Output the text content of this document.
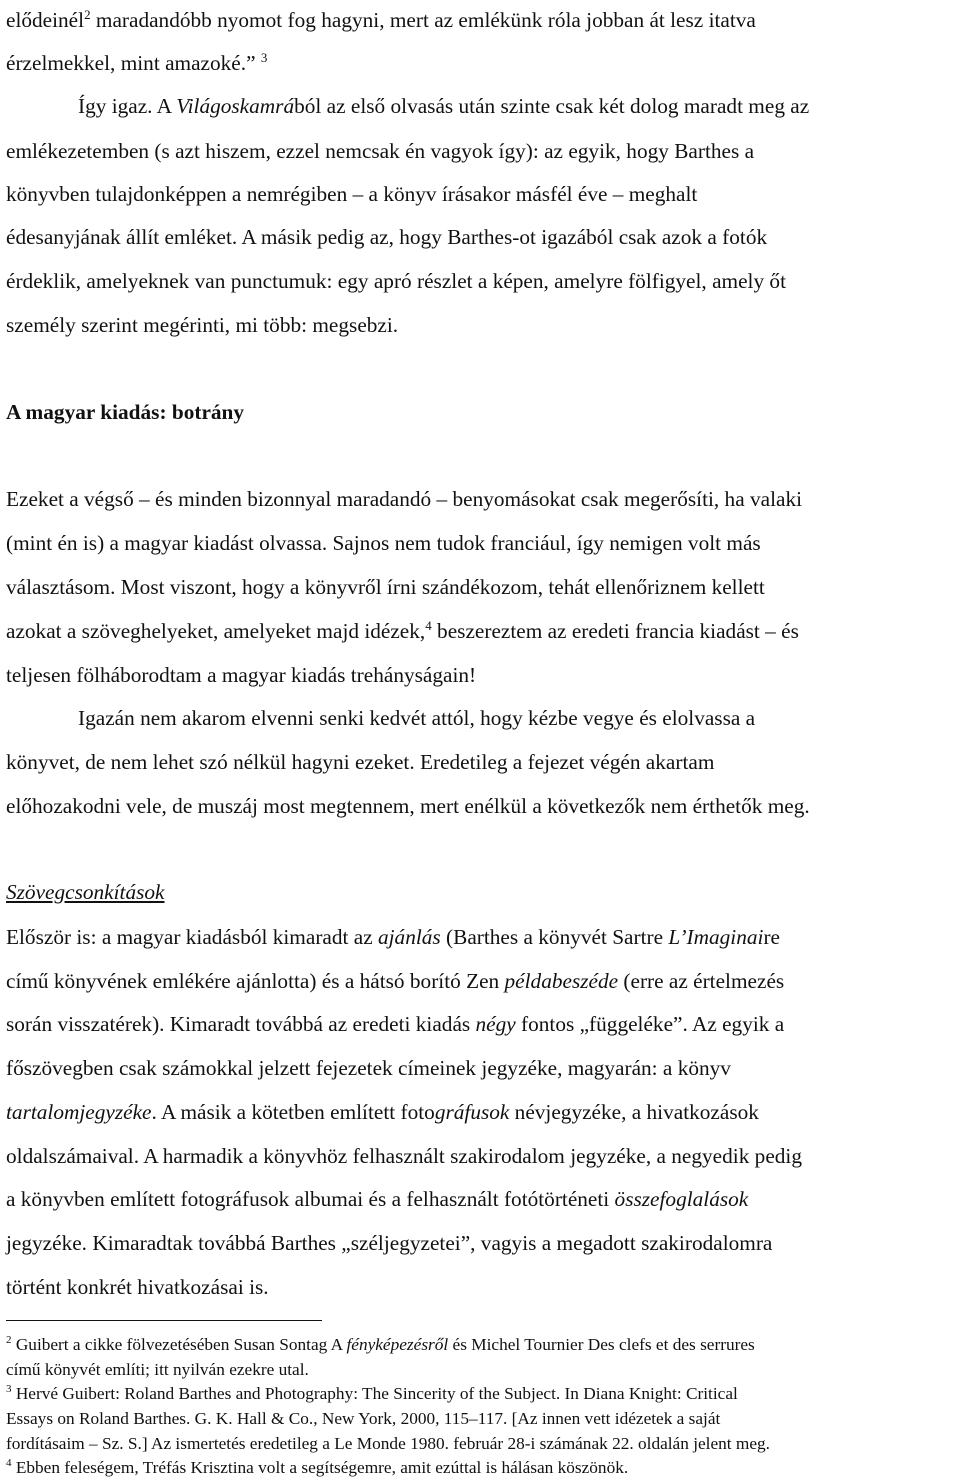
elődeinél$^2$ maradandóbb nyomot fog hagyni, mert az emlékünk róla jobban át lesz itatva
érzelmekkel, mint amazoké.” $^3$
Így igaz. A Világoskamrából az első olvasás után szinte csak két dolog maradt meg az
emlékezetemben (s azt hiszem, ezzel nemcsak én vagyok így): az egyik, hogy Barthes a
könyvben tulajdonképpen a nemrégiben – a könyv írásakor másfél éve – meghalt
édesanyjának állít emléket. A másik pedig az, hogy Barthes-ot igazából csak azok a fotók
érdeklik, amelyeknek van punctumuk: egy apró részlet a képen, amelyre fölfigyel, amely őt
személy szerint megérinti, mi több: megsebzi.
A magyar kiadás: botrány
Ezeket a végső – és minden bizonnyal maradandó – benyomásokat csak megerősíti, ha valaki
(mint én is) a magyar kiadást olvassa. Sajnos nem tudok franciául, így nemigen volt más
választásom. Most viszont, hogy a könyvről írni szándékozom, tehát ellenőriznem kellett
azokat a szöveghelyeket, amelyeket majd idézek,$^4$ beszereztem az eredeti francia kiadást – és
teljesen fölháborodtam a magyar kiadás trehányságain!
Igazán nem akarom elvenni senki kedvét attól, hogy kézbe vegye és elolvassa a
könyvet, de nem lehet szó nélkül hagyni ezeket. Eredetileg a fejezet végén akartam
előhozakodni vele, de muszáj most megtennem, mert enélkül a következők nem érthetők meg.
Szövegcsonkítások
Először is: a magyar kiadásból kimaradt az ajánlás (Barthes a könyvét Sartre L’Imaginaire
című könyvének emlékére ajánlotta) és a hátsó borító Zen példabeszéde (erre az értelmezés
során visszatérek). Kimaradt továbbá az eredeti kiadás négy fontos „függeléke”. Az egyik a
főszövegben csak számokkal jelzett fejezetek címeinek jegyzéke, magyarán: a könyv
tartalomjegyzéke. A másik a kötetben említett fotográfusok névjegyzéke, a hivatkozások
oldalszámaival. A harmadik a könyvhöz felhasznált szakirodalom jegyzéke, a negyedik pedig
a könyvben említett fotográfusok albumai és a felhasznált fotótörténeti összefoglalások
jegyzéke. Kimaradtak továbbá Barthes „széljegyzetei”, vagyis a megadott szakirodalomra
történt konkrét hivatkozásai is.
$^2$ Guibert a cikke fölvezetésében Susan Sontag A fényképezésről és Michel Tournier Des clefs et des serrures
című könyvét említi; itt nyilván ezekre utal.
$^3$ Hervé Guibert: Roland Barthes and Photography: The Sincerity of the Subject. In Diana Knight: Critical
Essays on Roland Barthes. G. K. Hall & Co., New York, 2000, 115–117. [Az innen vett idézetek a saját
fordításaim – Sz. S.] Az ismertetés eredetileg a Le Monde 1980. február 28-i számának 22. oldalán jelent meg.
$^4$ Ebben feleségem, Tréfás Krisztina volt a segítségemre, amit ezúttal is hálásan köszönök.
